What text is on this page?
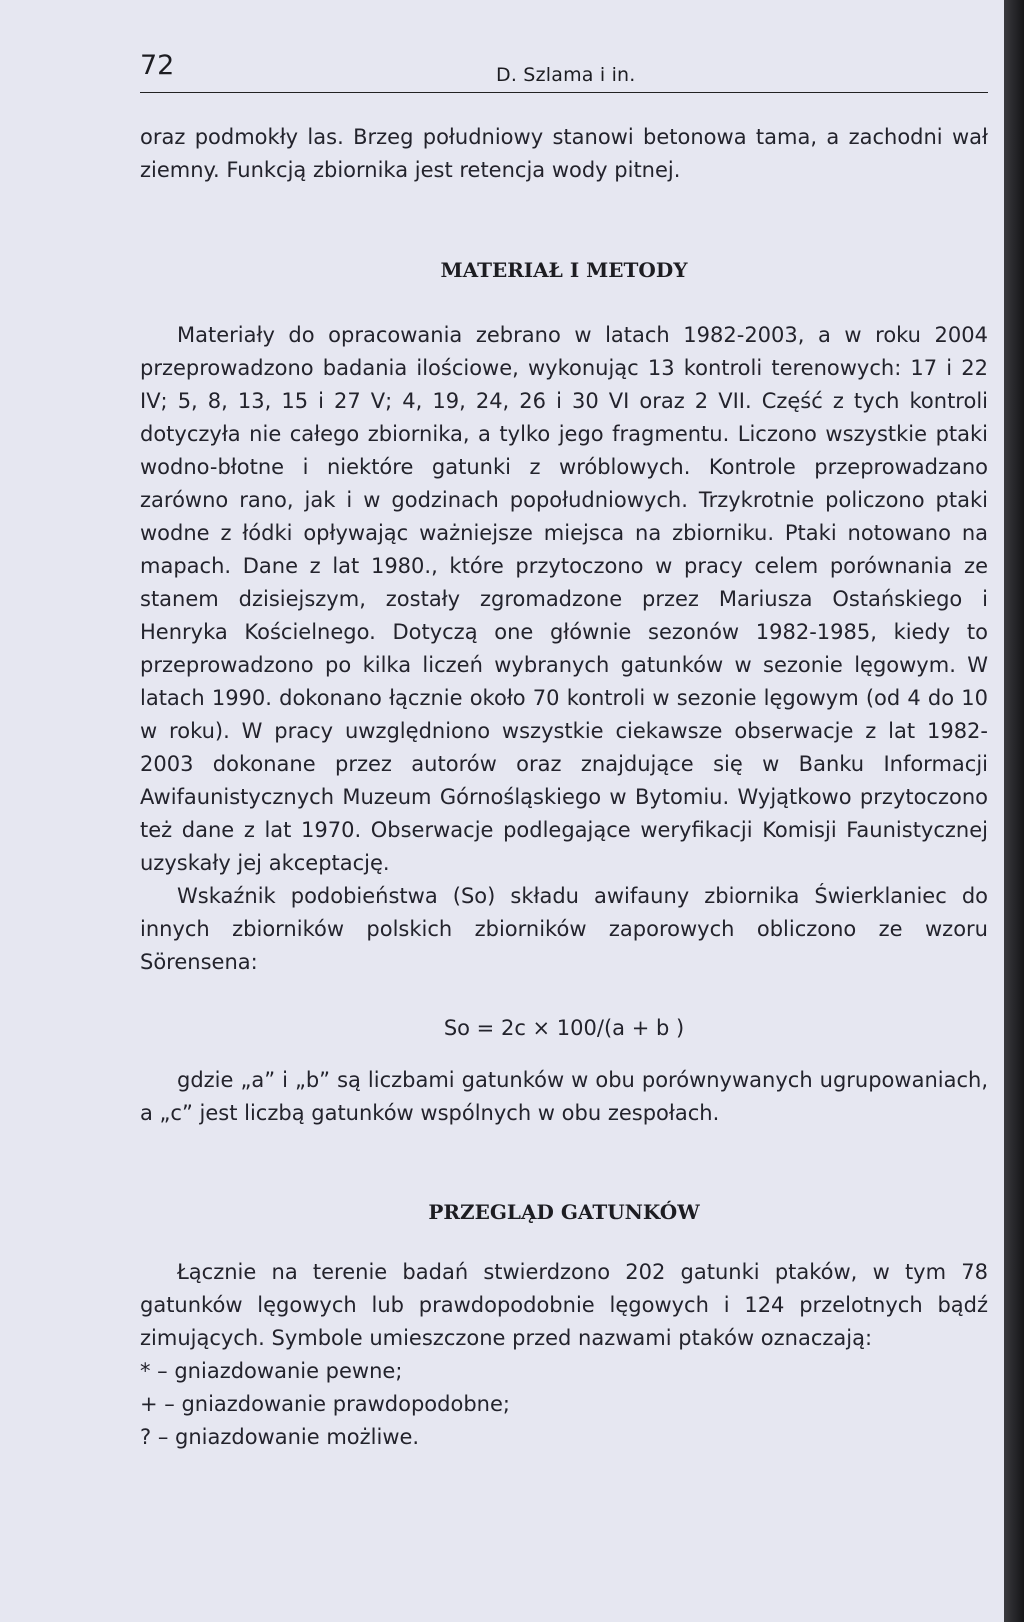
72	D. Szlama i in.

oraz podmokły las. Brzeg południowy stanowi betonowa tama, a zachodni wał ziemny. Funkcją zbiornika jest retencja wody pitnej.

MATERIAŁ I METODY

Materiały do opracowania zebrano w latach 1982-2003, a w roku 2004 przeprowadzono badania ilościowe, wykonując 13 kontroli terenowych: 17 i 22 IV; 5, 8, 13, 15 i 27 V; 4, 19, 24, 26 i 30 VI oraz 2 VII. Część z tych kontroli dotyczyła nie całego zbiornika, a tylko jego fragmentu. Liczono wszystkie ptaki wodno-błotne i niektóre gatunki z wróblowych. Kontrole przeprowadzano zarówno rano, jak i w godzinach popołudniowych. Trzykrotnie policzono ptaki wodne z łódki opływając ważniejsze miejsca na zbiorniku. Ptaki notowano na mapach. Dane z lat 1980., które przytoczono w pracy celem porównania ze stanem dzisiejszym, zostały zgromadzone przez Mariusza Ostańskiego i Henryka Kościelnego. Dotyczą one głównie sezonów 1982-1985, kiedy to przeprowadzono po kilka liczeń wybranych gatunków w sezonie lęgowym. W latach 1990. dokonano łącznie około 70 kontroli w sezonie lęgowym (od 4 do 10 w roku). W pracy uwzględniono wszystkie ciekawsze obserwacje z lat 1982-2003 dokonane przez autorów oraz znajdujące się w Banku Informacji Awifaunistycznych Muzeum Górnośląskiego w Bytomiu. Wyjątkowo przytoczono też dane z lat 1970. Obserwacje podlegające weryfikacji Komisji Faunistycznej uzyskały jej akceptację.

Wskaźnik podobieństwa (So) składu awifauny zbiornika Świerklaniec do innych zbiorników polskich zbiorników zaporowych obliczono ze wzoru Sörensena:

So = 2c × 100/(a + b )

gdzie „a” i „b” są liczbami gatunków w obu porównywanych ugrupowaniach, a „c” jest liczbą gatunków wspólnych w obu zespołach.

PRZEGLĄD GATUNKÓW

Łącznie na terenie badań stwierdzono 202 gatunki ptaków, w tym 78 gatunków lęgowych lub prawdopodobnie lęgowych i 124 przelotnych bądź zimujących. Symbole umieszczone przed nazwami ptaków oznaczają:

* – gniazdowanie pewne;
+ – gniazdowanie prawdopodobne;
? – gniazdowanie możliwe.
